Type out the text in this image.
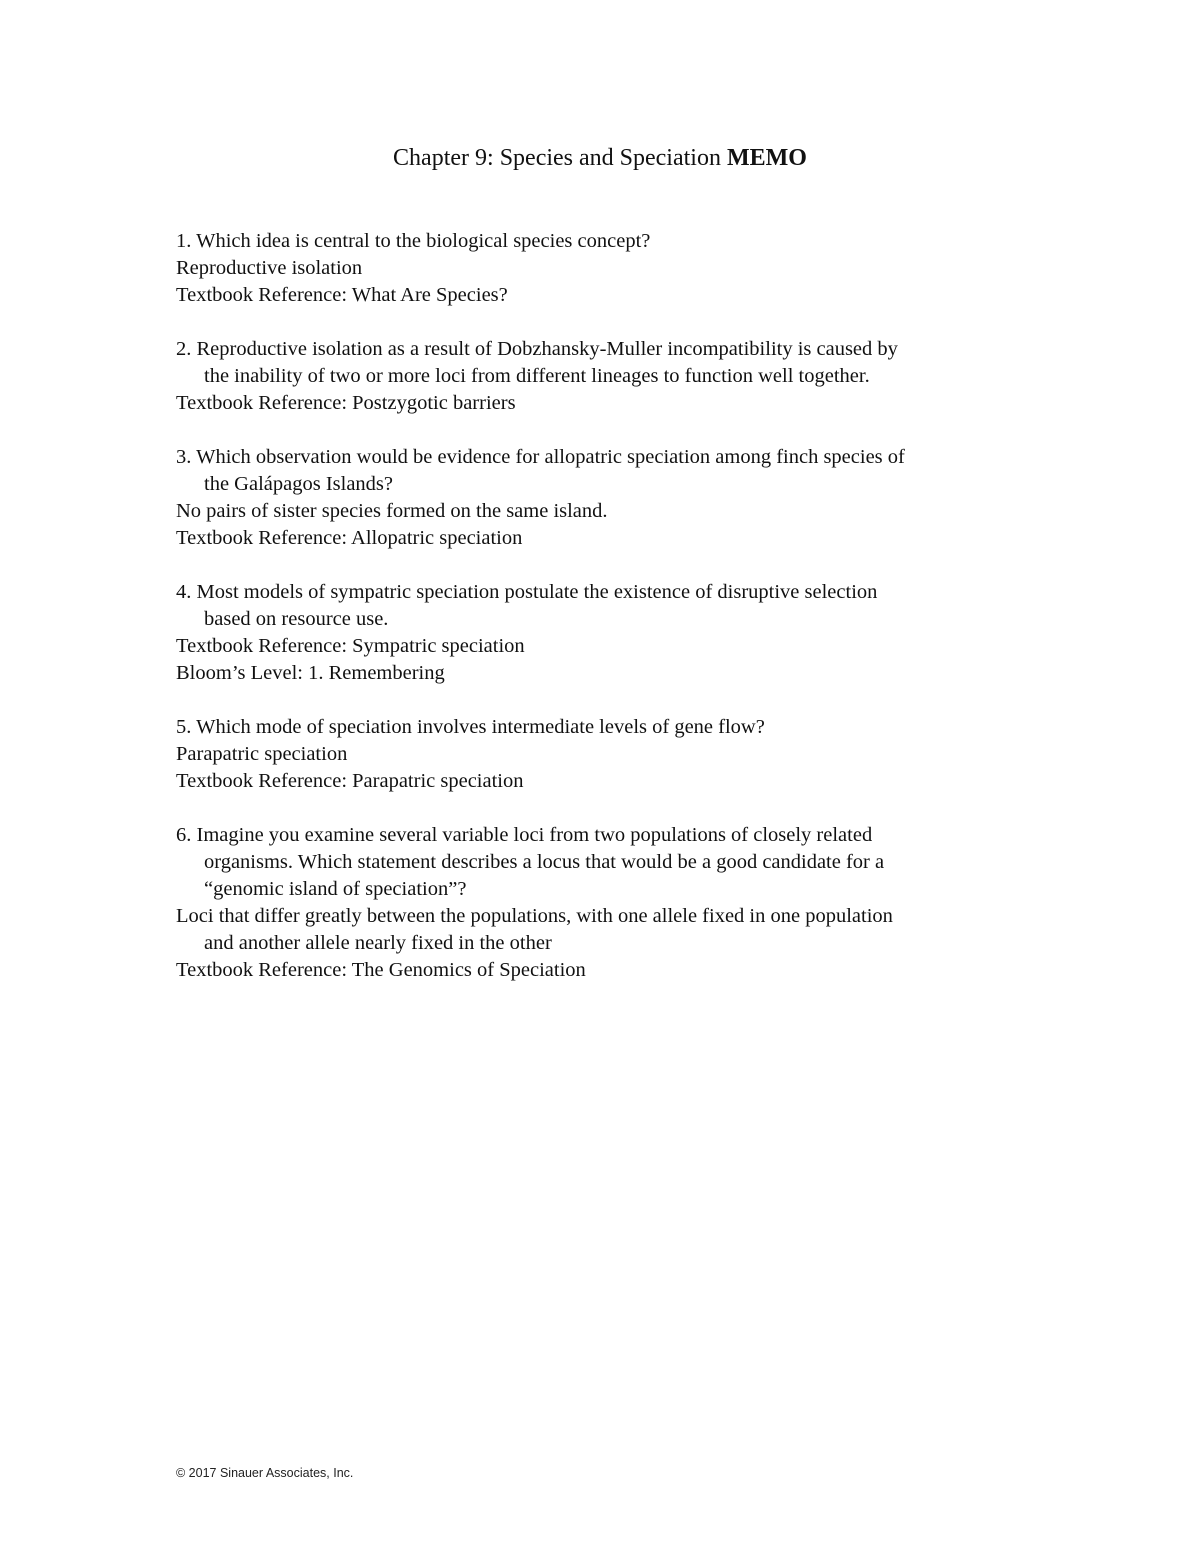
Chapter 9: Species and Speciation MEMO
1. Which idea is central to the biological species concept?
Reproductive isolation
Textbook Reference: What Are Species?
2. Reproductive isolation as a result of Dobzhansky-Muller incompatibility is caused by
the inability of two or more loci from different lineages to function well together.
Textbook Reference: Postzygotic barriers
3. Which observation would be evidence for allopatric speciation among finch species of
the Galápagos Islands?
No pairs of sister species formed on the same island.
Textbook Reference: Allopatric speciation
4. Most models of sympatric speciation postulate the existence of disruptive selection
based on resource use.
Textbook Reference: Sympatric speciation
Bloom’s Level: 1. Remembering
5. Which mode of speciation involves intermediate levels of gene flow?
Parapatric speciation
Textbook Reference: Parapatric speciation
6. Imagine you examine several variable loci from two populations of closely related
organisms. Which statement describes a locus that would be a good candidate for a
“genomic island of speciation”?
Loci that differ greatly between the populations, with one allele fixed in one population
and another allele nearly fixed in the other
Textbook Reference: The Genomics of Speciation
© 2017 Sinauer Associates, Inc.
